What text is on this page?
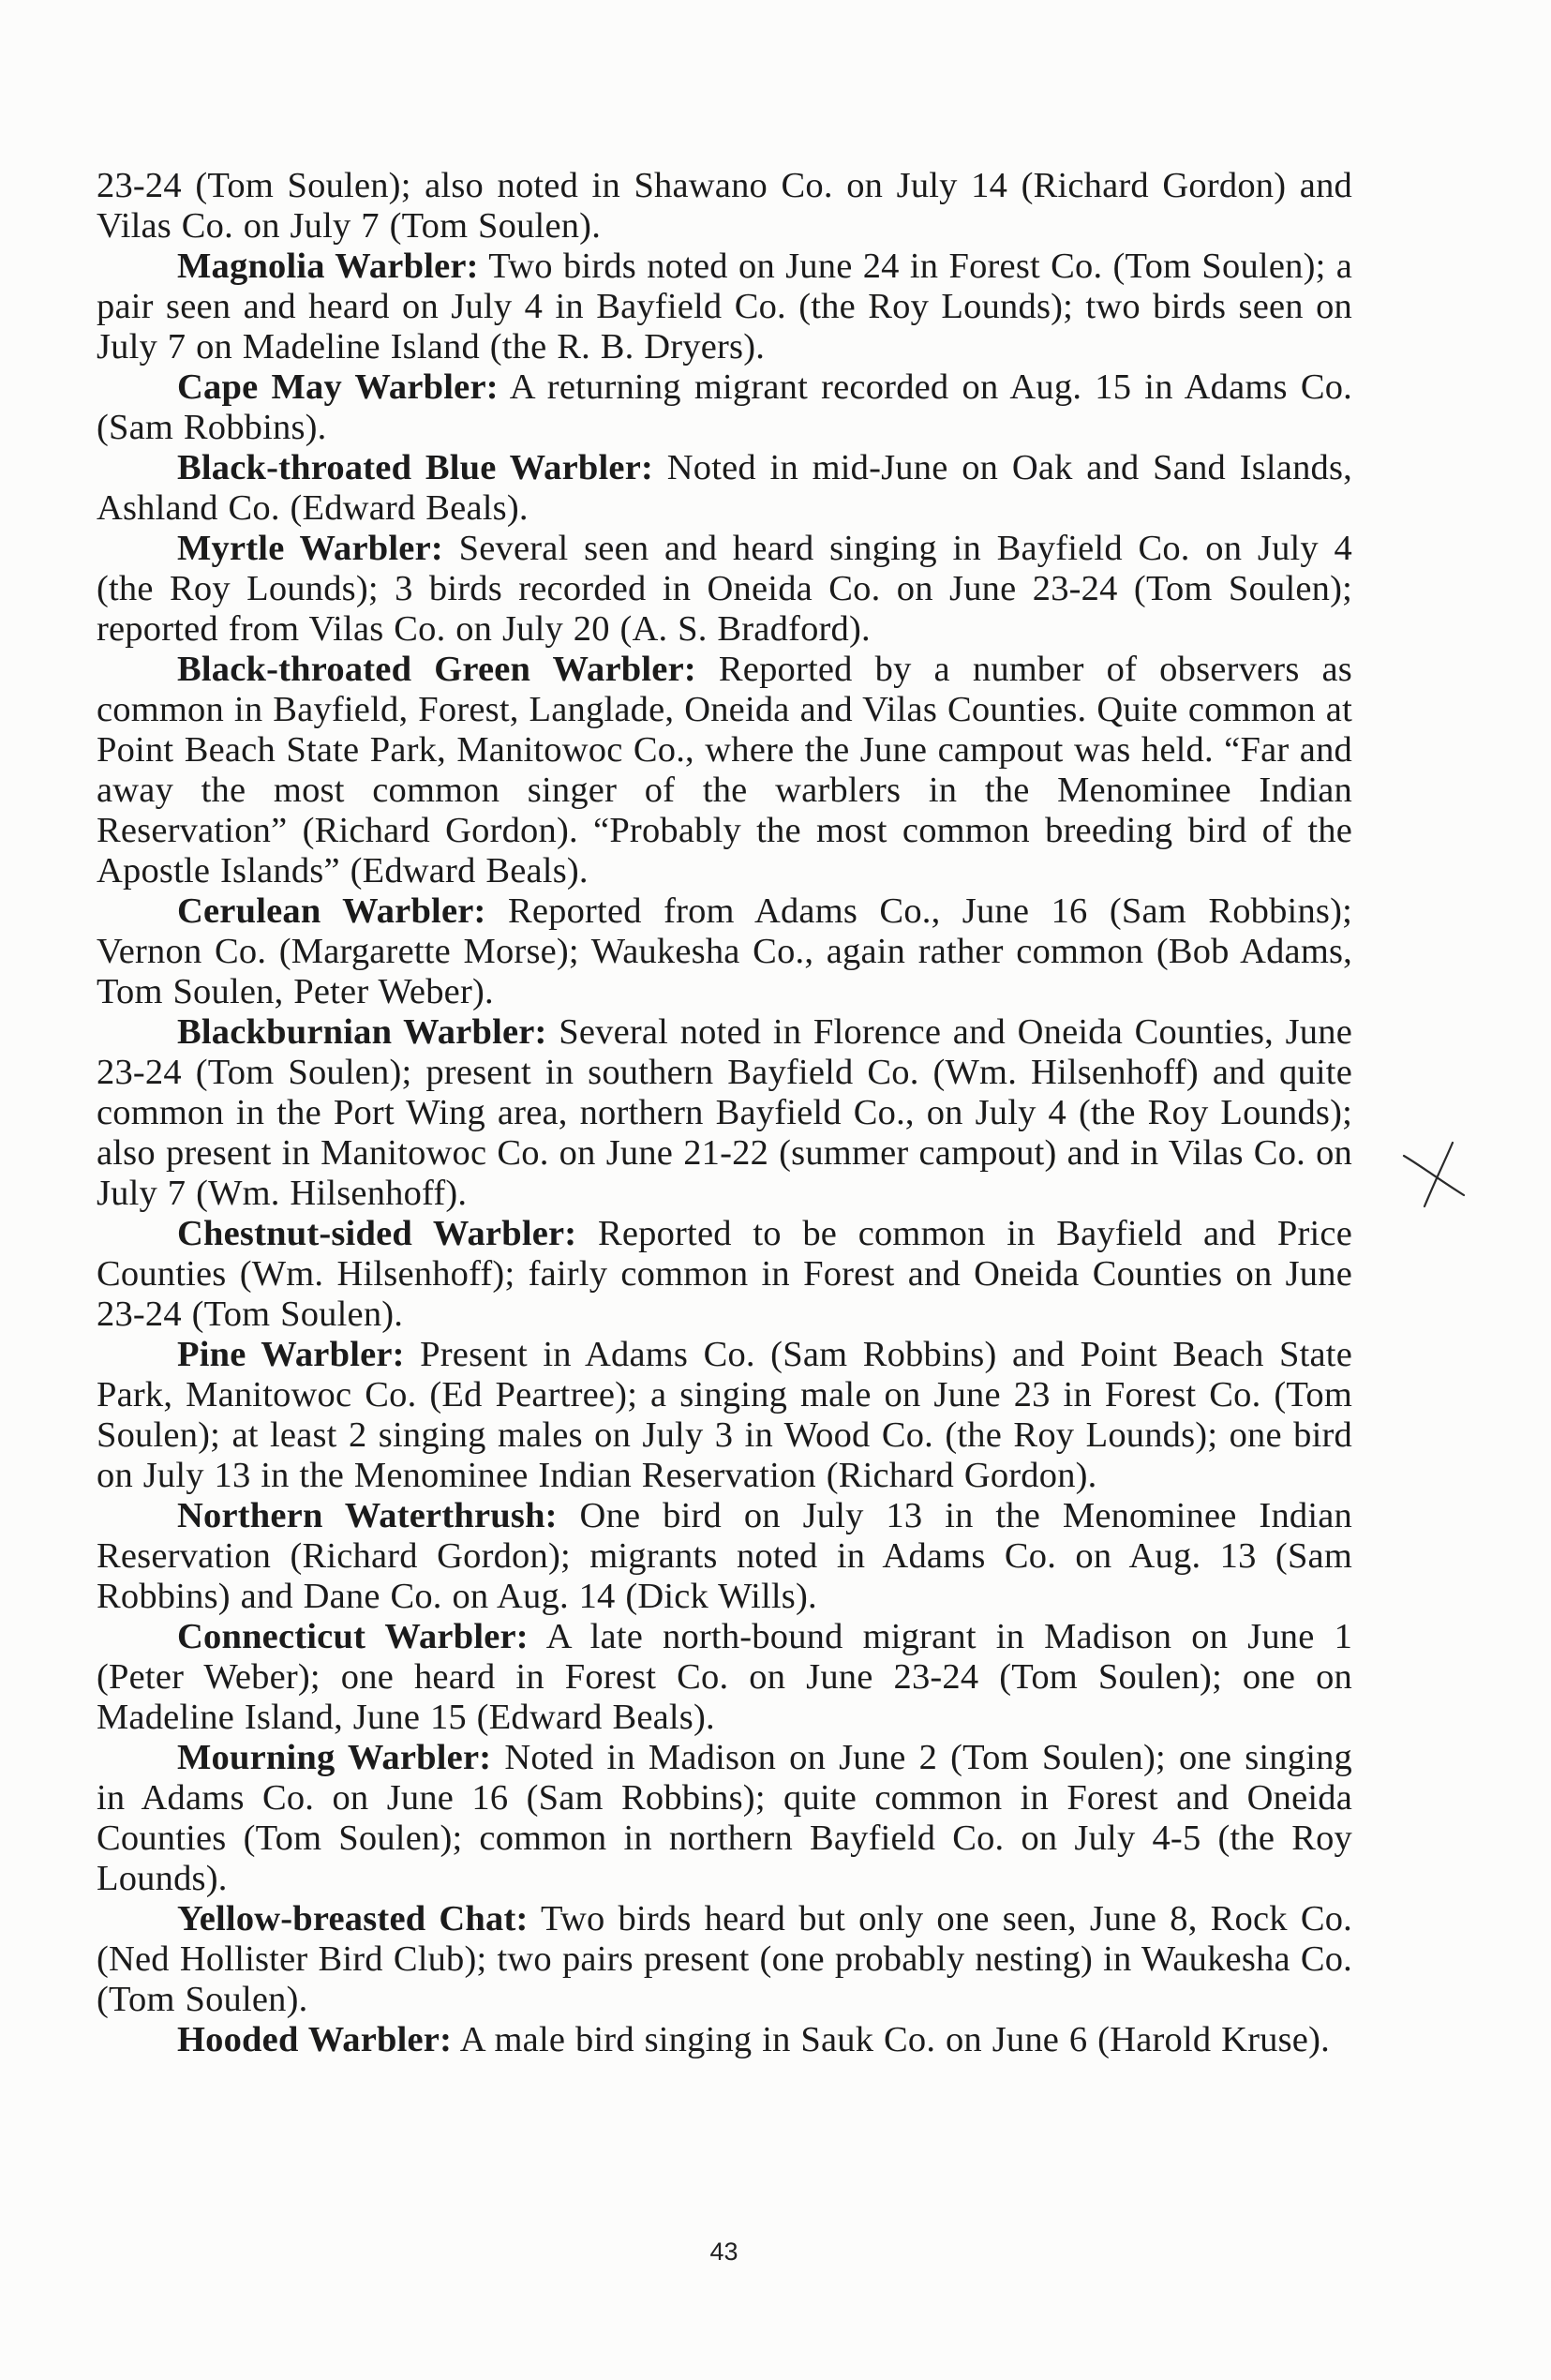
23-24 (Tom Soulen); also noted in Shawano Co. on July 14 (Richard Gordon) and Vilas Co. on July 7 (Tom Soulen).

Magnolia Warbler: Two birds noted on June 24 in Forest Co. (Tom Soulen); a pair seen and heard on July 4 in Bayfield Co. (the Roy Lounds); two birds seen on July 7 on Madeline Island (the R. B. Dryers).

Cape May Warbler: A returning migrant recorded on Aug. 15 in Adams Co. (Sam Robbins).

Black-throated Blue Warbler: Noted in mid-June on Oak and Sand Islands, Ashland Co. (Edward Beals).

Myrtle Warbler: Several seen and heard singing in Bayfield Co. on July 4 (the Roy Lounds); 3 birds recorded in Oneida Co. on June 23-24 (Tom Soulen); reported from Vilas Co. on July 20 (A. S. Bradford).

Black-throated Green Warbler: Reported by a number of observers as common in Bayfield, Forest, Langlade, Oneida and Vilas Counties. Quite common at Point Beach State Park, Manitowoc Co., where the June campout was held. “Far and away the most common singer of the warblers in the Menominee Indian Reservation” (Richard Gordon). “Probably the most common breeding bird of the Apostle Islands” (Edward Beals).

Cerulean Warbler: Reported from Adams Co., June 16 (Sam Robbins); Vernon Co. (Margarette Morse); Waukesha Co., again rather common (Bob Adams, Tom Soulen, Peter Weber).

Blackburnian Warbler: Several noted in Florence and Oneida Counties, June 23-24 (Tom Soulen); present in southern Bayfield Co. (Wm. Hilsenhoff) and quite common in the Port Wing area, northern Bayfield Co., on July 4 (the Roy Lounds); also present in Manitowoc Co. on June 21-22 (summer campout) and in Vilas Co. on July 7 (Wm. Hilsenhoff).

Chestnut-sided Warbler: Reported to be common in Bayfield and Price Counties (Wm. Hilsenhoff); fairly common in Forest and Oneida Counties on June 23-24 (Tom Soulen).

Pine Warbler: Present in Adams Co. (Sam Robbins) and Point Beach State Park, Manitowoc Co. (Ed Peartree); a singing male on June 23 in Forest Co. (Tom Soulen); at least 2 singing males on July 3 in Wood Co. (the Roy Lounds); one bird on July 13 in the Menominee Indian Reservation (Richard Gordon).

Northern Waterthrush: One bird on July 13 in the Menominee Indian Reservation (Richard Gordon); migrants noted in Adams Co. on Aug. 13 (Sam Robbins) and Dane Co. on Aug. 14 (Dick Wills).

Connecticut Warbler: A late north-bound migrant in Madison on June 1 (Peter Weber); one heard in Forest Co. on June 23-24 (Tom Soulen); one on Madeline Island, June 15 (Edward Beals).

Mourning Warbler: Noted in Madison on June 2 (Tom Soulen); one singing in Adams Co. on June 16 (Sam Robbins); quite common in Forest and Oneida Counties (Tom Soulen); common in northern Bayfield Co. on July 4-5 (the Roy Lounds).

Yellow-breasted Chat: Two birds heard but only one seen, June 8, Rock Co. (Ned Hollister Bird Club); two pairs present (one probably nesting) in Waukesha Co. (Tom Soulen).

Hooded Warbler: A male bird singing in Sauk Co. on June 6 (Harold Kruse).

43
